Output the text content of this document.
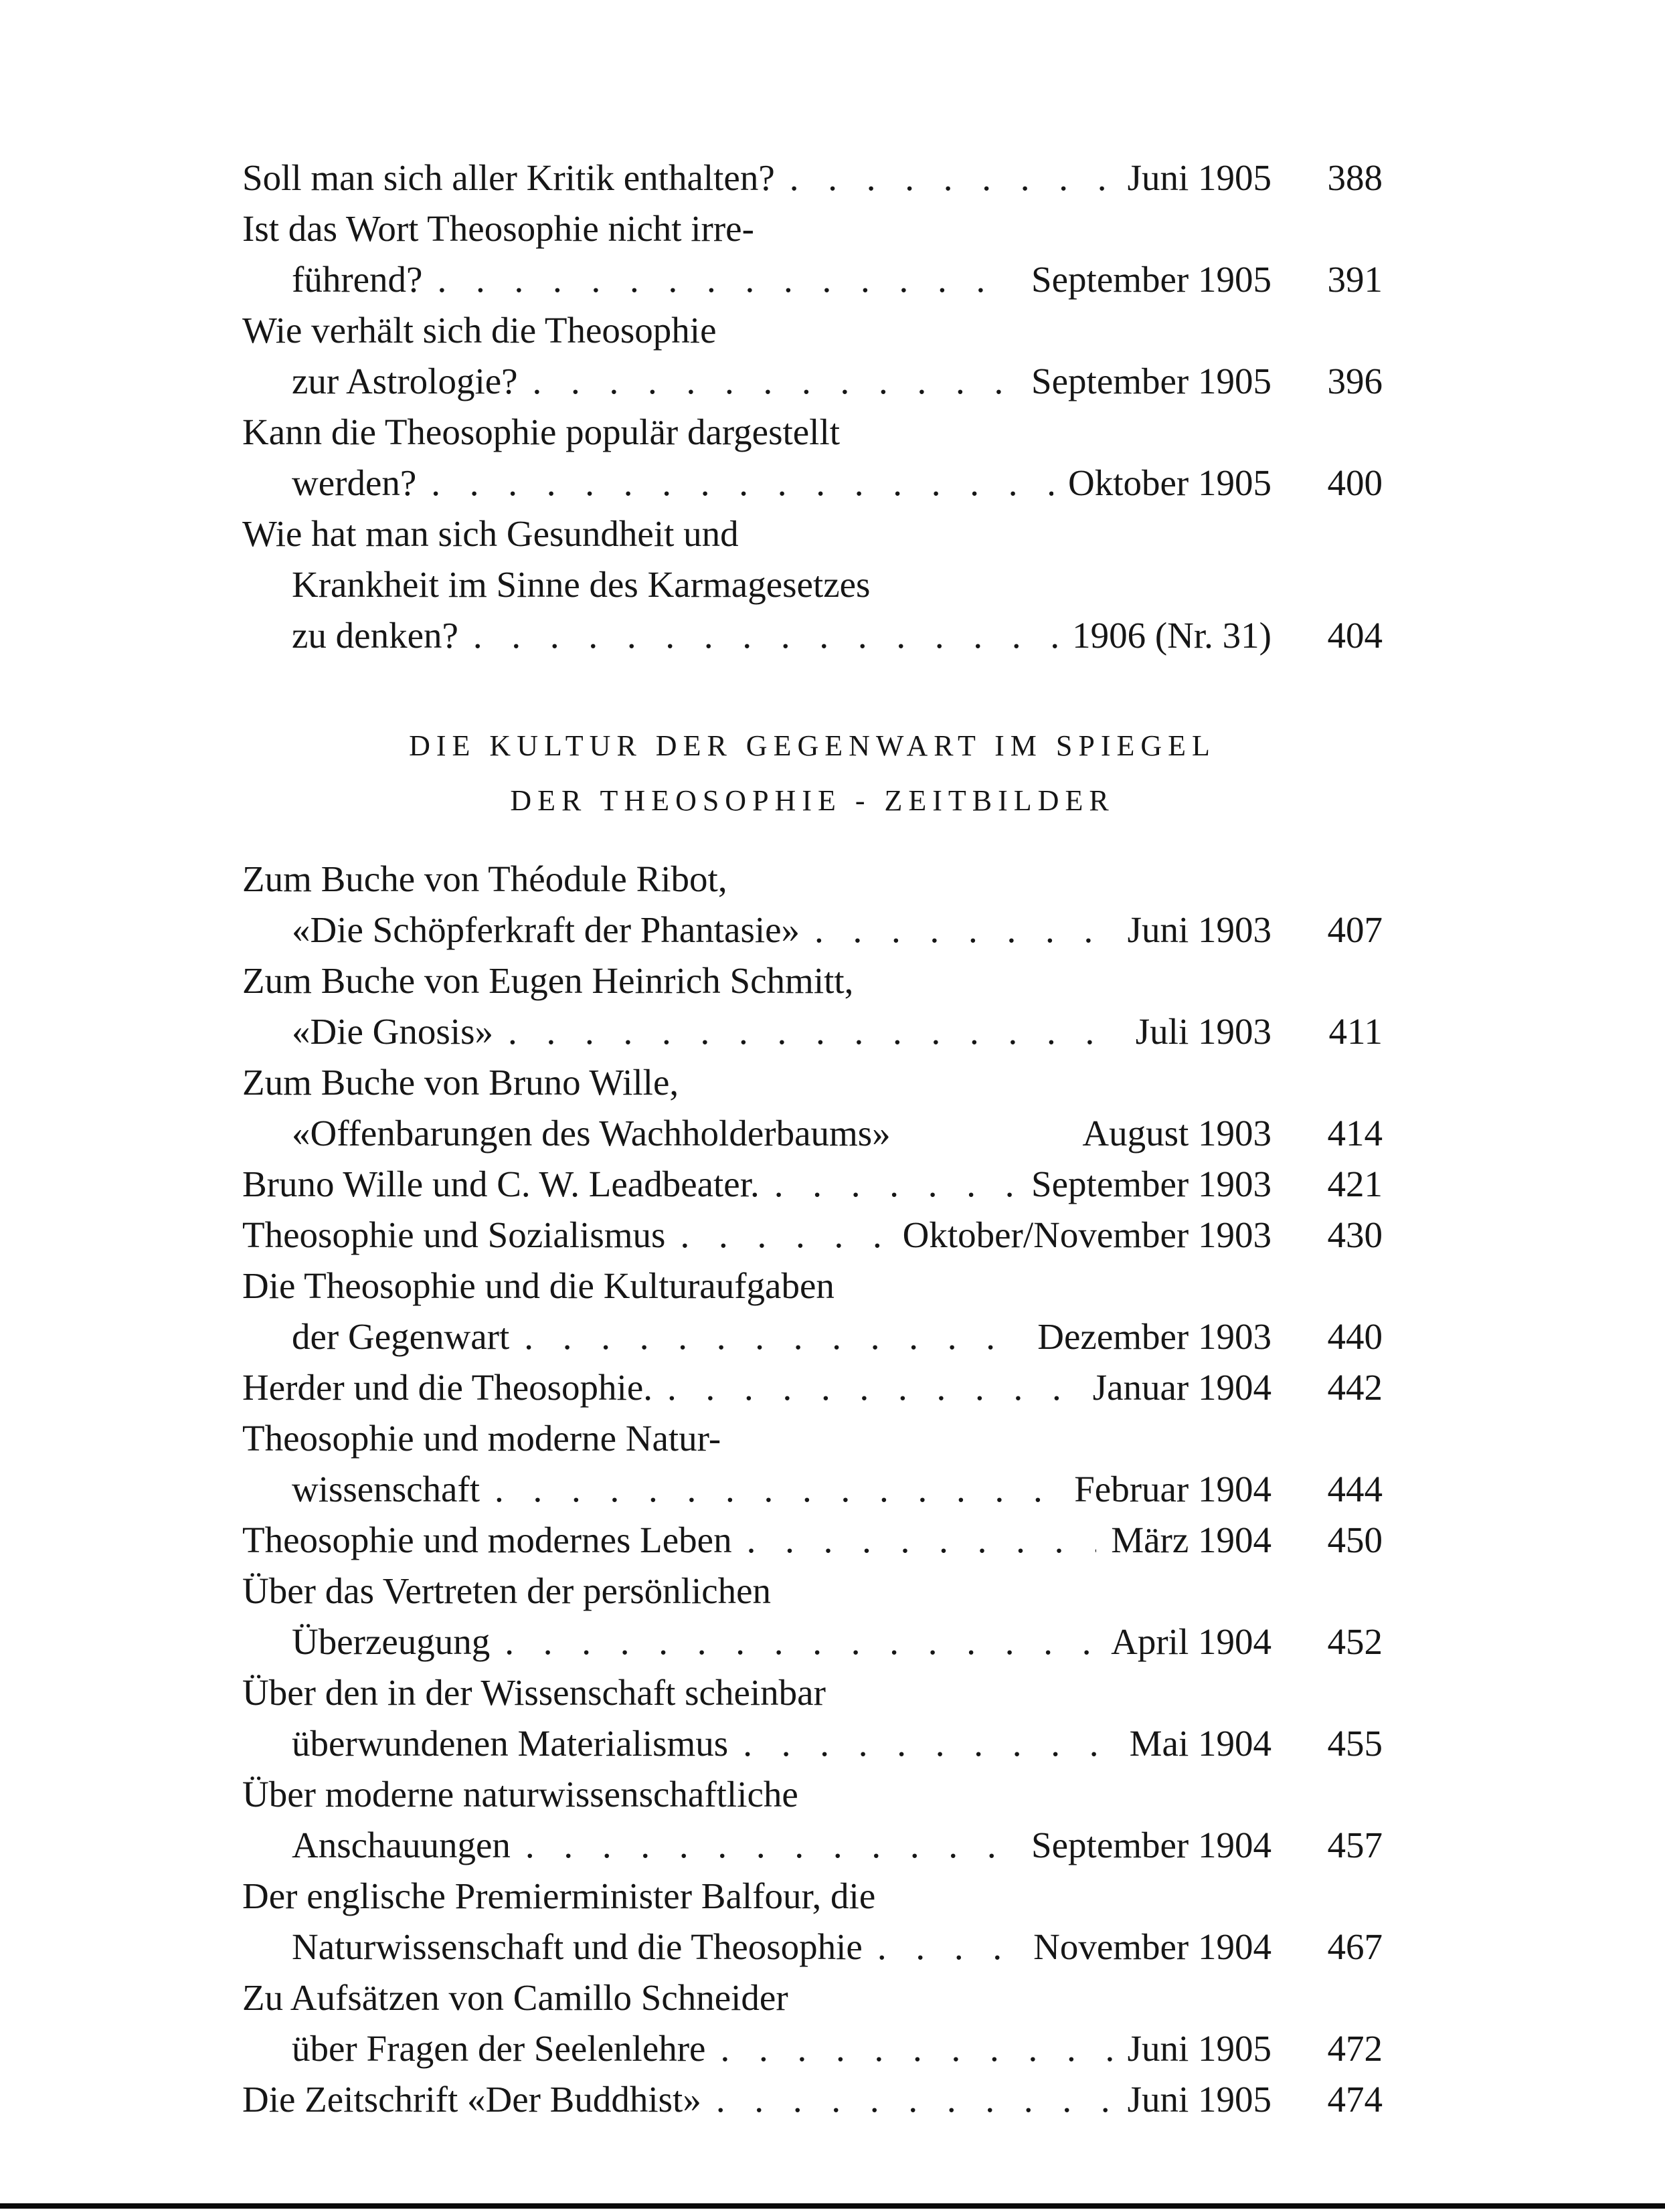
Soll man sich aller Kritik enthalten? . . .	Juni 1905	388
Ist das Wort Theosophie nicht irre-
führend? . . .	September 1905	391
Wie verhält sich die Theosophie
zur Astrologie? . . .	September 1905	396
Kann die Theosophie populär dargestellt
werden? . . .	Oktober 1905	400
Wie hat man sich Gesundheit und
Krankheit im Sinne des Karmagesetzes
zu denken? . . .	1906 (Nr. 31)	404
DIE KULTUR DER GEGENWART IM SPIEGEL
DER THEOSOPHIE - ZEITBILDER
Zum Buche von Théodule Ribot,
«Die Schöpferkraft der Phantasie» . . .	Juni 1903	407
Zum Buche von Eugen Heinrich Schmitt,
«Die Gnosis» . . .	Juli 1903	411
Zum Buche von Bruno Wille,
«Offenbarungen des Wachholderbaums»	August 1903	414
Bruno Wille und C. W. Leadbeater. . . .	September 1903	421
Theosophie und Sozialismus . . .	Oktober/November 1903	430
Die Theosophie und die Kulturaufgaben
der Gegenwart . . .	Dezember 1903	440
Herder und die Theosophie. . . .	Januar 1904	442
Theosophie und moderne Natur-
wissenschaft . . .	Februar 1904	444
Theosophie und modernes Leben . . .	März 1904	450
Über das Vertreten der persönlichen
Überzeugung . . .	April 1904	452
Über den in der Wissenschaft scheinbar
überwundenen Materialismus . . .	Mai 1904	455
Über moderne naturwissenschaftliche
Anschauungen . . .	September 1904	457
Der englische Premierminister Balfour, die
Naturwissenschaft und die Theosophie . . .	November 1904	467
Zu Aufsätzen von Camillo Schneider
über Fragen der Seelenlehre . . .	Juni 1905	472
Die Zeitschrift «Der Buddhist» . . .	Juni 1905	474
